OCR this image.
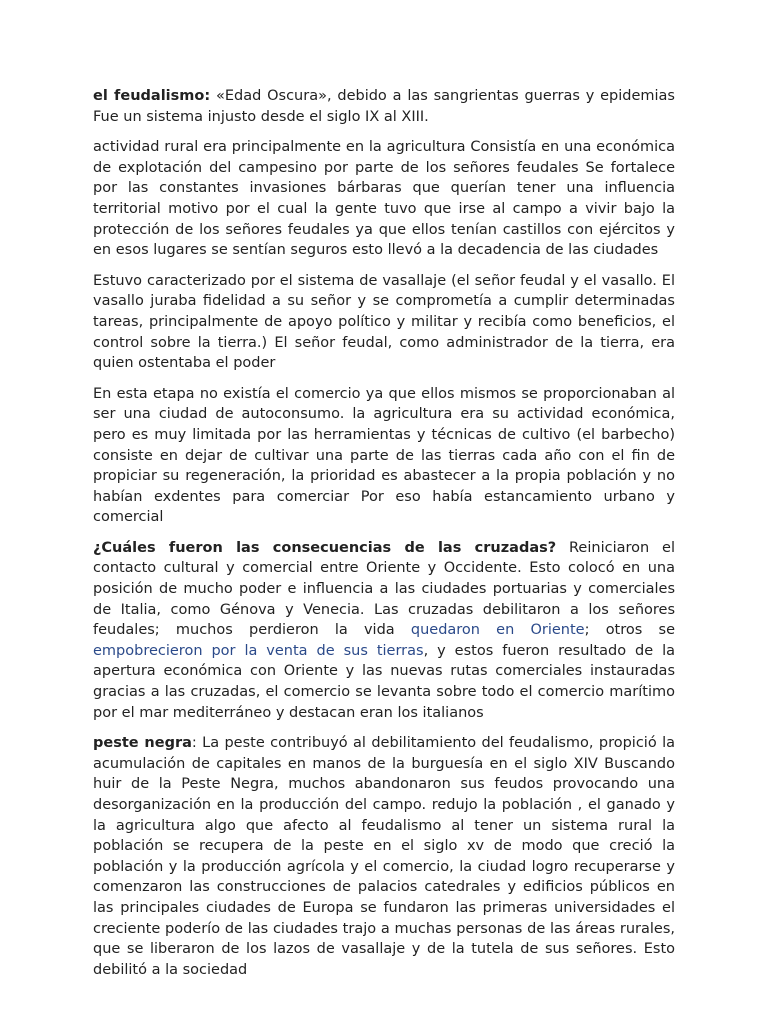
el feudalismo: «Edad Oscura», debido a las sangrientas guerras y epidemias Fue un sistema injusto desde el siglo IX al XIII.

actividad rural era principalmente en la agricultura Consistía en una económica de explotación del campesino por parte de los señores feudales Se fortalece por las constantes invasiones bárbaras que querían tener una influencia territorial motivo por el cual la gente tuvo que irse al campo a vivir bajo la protección de los señores feudales ya que ellos tenían castillos con ejércitos y en esos lugares se sentían seguros esto llevó a la decadencia de las ciudades

Estuvo caracterizado por el sistema de vasallaje (el señor feudal y el vasallo. El vasallo juraba fidelidad a su señor y se comprometía a cumplir determinadas tareas, principalmente de apoyo político y militar y recibía como beneficios, el control sobre la tierra.) El señor feudal, como administrador de la tierra, era quien ostentaba el poder

En esta etapa no existía el comercio ya que ellos mismos se proporcionaban al ser una ciudad de autoconsumo. la agricultura era su actividad económica, pero es muy limitada por las herramientas y técnicas de cultivo (el barbecho) consiste en dejar de cultivar una parte de las tierras cada año con el fin de propiciar su regeneración, la prioridad es abastecer a la propia población y no habían exdentes para comerciar Por eso había estancamiento urbano y comercial

¿Cuáles fueron las consecuencias de las cruzadas? Reiniciaron el contacto cultural y comercial entre Oriente y Occidente. Esto colocó en una posición de mucho poder e influencia a las ciudades portuarias y comerciales de Italia, como Génova y Venecia. Las cruzadas debilitaron a los señores feudales; muchos perdieron la vida quedaron en Oriente; otros se empobrecieron por la venta de sus tierras, y estos fueron resultado de la apertura económica con Oriente y las nuevas rutas comerciales instauradas gracias a las cruzadas, el comercio se levanta sobre todo el comercio marítimo por el mar mediterráneo y destacan eran los italianos

peste negra: La peste contribuyó al debilitamiento del feudalismo, propició la acumulación de capitales en manos de la burguesía en el siglo XIV Buscando huir de la Peste Negra, muchos abandonaron sus feudos provocando una desorganización en la producción del campo. redujo la población , el ganado y la agricultura algo que afecto al feudalismo al tener un sistema rural la población se recupera de la peste en el siglo xv de modo que creció la población y la producción agrícola y el comercio, la ciudad logro recuperarse y comenzaron las construcciones de palacios catedrales y edificios públicos en las principales ciudades de Europa se fundaron las primeras universidades el creciente poderío de las ciudades trajo a muchas personas de las áreas rurales, que se liberaron de los lazos de vasallaje y de la tutela de sus señores. Esto debilitó a la sociedad
